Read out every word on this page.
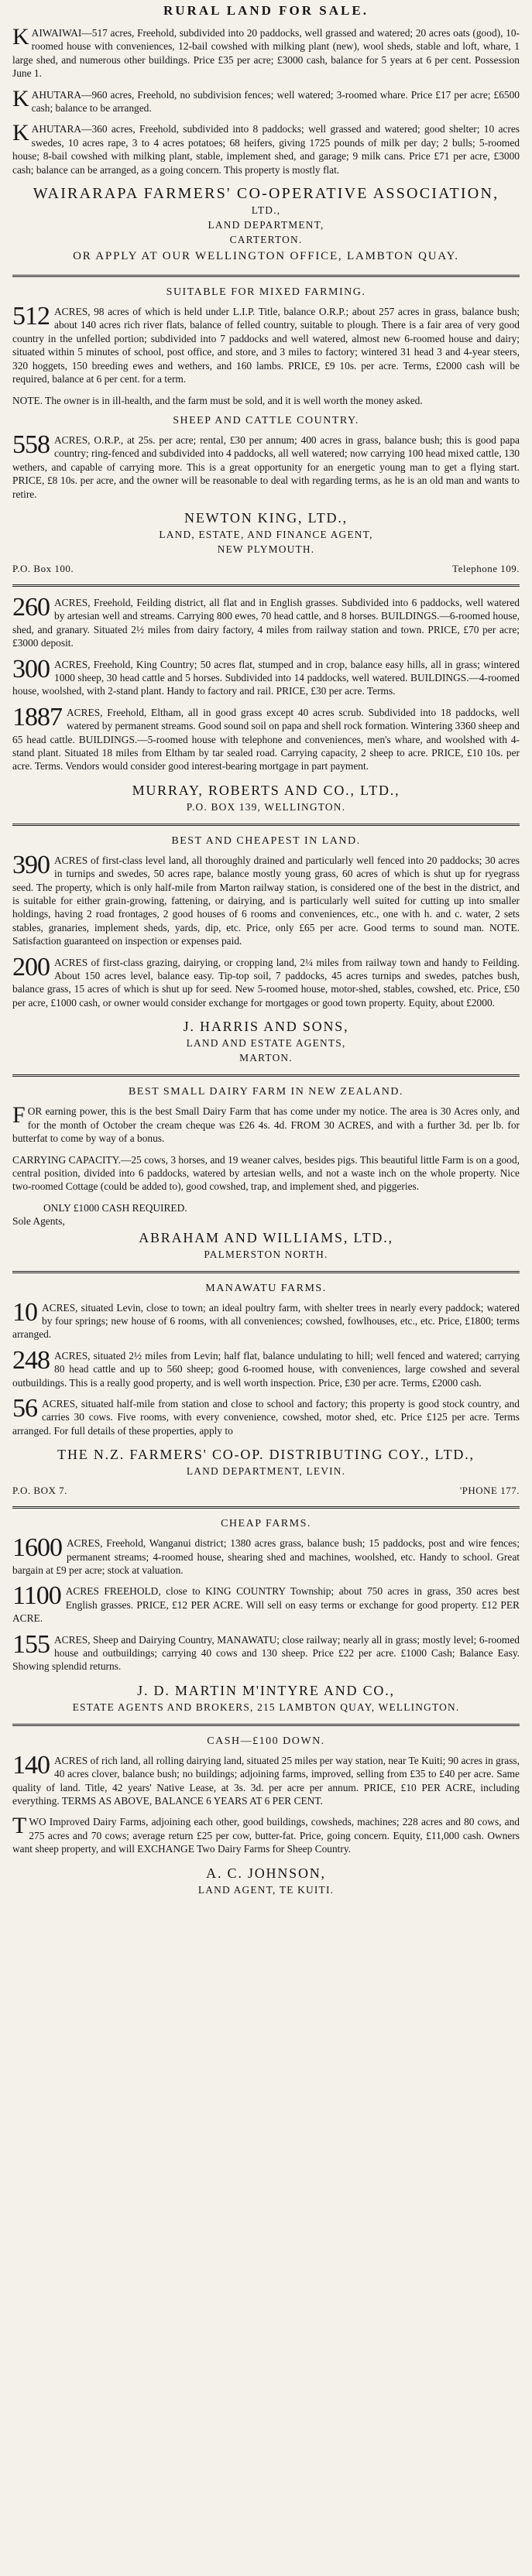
RURAL LAND FOR SALE.

KAIWAIWAI—517 acres, Freehold, subdivided into 20 paddocks, well grassed and watered; 20 acres oats (good), 10-roomed house with conveniences, 12-bail cowshed with milking plant (new), wool sheds, stable and loft, whare, 1 large shed, and numerous other buildings. Price £35 per acre; £3000 cash, balance for 5 years at 6 per cent. Possession June 1.

KAHUTARA—960 acres, Freehold, no subdivision fences; well watered; 3-roomed whare. Price £17 per acre; £6500 cash; balance to be arranged.

KAHUTARA—360 acres, Freehold, subdivided into 8 paddocks; well grassed and watered; good shelter; 10 acres swedes, 10 acres rape, 3 to 4 acres potatoes; 68 heifers, giving 1725 pounds of milk per day; 2 bulls; 5-roomed house; 8-bail cowshed with milking plant, stable, implement shed, and garage; 9 milk cans. Price £71 per acre, £3000 cash; balance can be arranged, as a going concern. This property is mostly flat.

WAIRARAPA FARMERS' CO-OPERATIVE ASSOCIATION,
LTD.,
LAND DEPARTMENT,
CARTERTON.
OR APPLY AT OUR WELLINGTON OFFICE, LAMBTON QUAY.
SUITABLE FOR MIXED FARMING.

512 ACRES, 98 acres of which is held under L.I.P. Title, balance O.R.P.; about 257 acres in grass, balance bush; about 140 acres rich river flats, balance of felled country, suitable to plough. There is a fair area of very good country in the unfelled portion; subdivided into 7 paddocks and well watered, almost new 6-roomed house and dairy; situated within 5 minutes of school, post office, and store, and 3 miles to factory; wintered 31 head 3 and 4-year steers, 320 hoggets, 150 breeding ewes and wethers, and 160 lambs. PRICE, £9 10s. per acre. Terms, £2000 cash will be required, balance at 6 per cent. for a term.

NOTE. The owner is in ill-health, and the farm must be sold, and it is well worth the money asked.

SHEEP AND CATTLE COUNTRY.

558 ACRES, O.R.P., at 25s. per acre; rental, £30 per annum; 400 acres in grass, balance bush; this is good papa country; ring-fenced and subdivided into 4 paddocks, all well watered; now carrying 100 head mixed cattle, 130 wethers, and capable of carrying more. This is a great opportunity for an energetic young man to get a flying start. PRICE, £8 10s. per acre, and the owner will be reasonable to deal with regarding terms, as he is an old man and wants to retire.

NEWTON KING, LTD.,
LAND, ESTATE, AND FINANCE AGENT,
NEW PLYMOUTH.
P.O. Box 100.	Telephone 109.

260 ACRES, Freehold, Feilding district, all flat and in English grasses. Subdivided into 6 paddocks, well watered by artesian well and streams. Carrying 800 ewes, 70 head cattle, and 8 horses. BUILDINGS.—6-roomed house, shed, and granary. Situated 2½ miles from dairy factory, 4 miles from railway station and town. PRICE, £70 per acre; £3000 deposit.

300 ACRES, Freehold, King Country; 50 acres flat, stumped and in crop, balance easy hills, all in grass; wintered 1000 sheep, 30 head cattle and 5 horses. Subdivided into 14 paddocks, well watered. BUILDINGS.—4-roomed house, woolshed, with 2-stand plant. Handy to factory and rail. PRICE, £30 per acre. Terms.

1887 ACRES, Freehold, Eltham, all in good grass except 40 acres scrub. Subdivided into 18 paddocks, well watered by permanent streams. Good sound soil on papa and shell rock formation. Wintering 3360 sheep and 65 head cattle. BUILDINGS.—5-roomed house with telephone and conveniences, men's whare, and woolshed with 4-stand plant. Situated 18 miles from Eltham by tar sealed road. Carrying capacity, 2 sheep to acre. PRICE, £10 10s. per acre. Terms. Vendors would consider good interest-bearing mortgage in part payment.

MURRAY, ROBERTS AND CO., LTD.,
P.O. BOX 139, WELLINGTON.
BEST AND CHEAPEST IN LAND.

390 ACRES of first-class level land, all thoroughly drained and particularly well fenced into 20 paddocks; 30 acres in turnips and swedes, 50 acres rape, balance mostly young grass, 60 acres of which is shut up for ryegrass seed. The property, which is only half-mile from Marton railway station, is considered one of the best in the district, and is suitable for either grain-growing, fattening, or dairying, and is particularly well suited for cutting up into smaller holdings, having 2 road frontages, 2 good houses of 6 rooms and conveniences, etc., one with h. and c. water, 2 sets stables, granaries, implement sheds, yards, dip, etc. Price, only £65 per acre. Good terms to sound man. NOTE. Satisfaction guaranteed on inspection or expenses paid.

200 ACRES of first-class grazing, dairying, or cropping land, 2¼ miles from railway town and handy to Feilding. About 150 acres level, balance easy. Tip-top soil, 7 paddocks, 45 acres turnips and swedes, patches bush, balance grass, 15 acres of which is shut up for seed. New 5-roomed house, motor-shed, stables, cowshed, etc. Price, £50 per acre, £1000 cash, or owner would consider exchange for mortgages or good town property. Equity, about £2000.

J. HARRIS AND SONS,
LAND AND ESTATE AGENTS,
MARTON.
BEST SMALL DAIRY FARM IN NEW ZEALAND.

FOR earning power, this is the best Small Dairy Farm that has come under my notice. The area is 30 Acres only, and for the month of October the cream cheque was £26 4s. 4d. FROM 30 ACRES, and with a further 3d. per lb. for butterfat to come by way of a bonus.

CARRYING CAPACITY.—25 cows, 3 horses, and 19 weaner calves, besides pigs. This beautiful little Farm is on a good, central position, divided into 6 paddocks, watered by artesian wells, and not a waste inch on the whole property. Nice two-roomed Cottage (could be added to), good cowshed, trap, and implement shed, and piggeries.

ONLY £1000 CASH REQUIRED.

Sole Agents,

ABRAHAM AND WILLIAMS, LTD.,
PALMERSTON NORTH.
MANAWATU FARMS.

10 ACRES, situated Levin, close to town; an ideal poultry farm, with shelter trees in nearly every paddock; watered by four springs; new house of 6 rooms, with all conveniences; cowshed, fowlhouses, etc., etc. Price, £1800; terms arranged.

248 ACRES, situated 2½ miles from Levin; half flat, balance undulating to hill; well fenced and watered; carrying 80 head cattle and up to 560 sheep; good 6-roomed house, with conveniences, large cowshed and several outbuildings. This is a really good property, and is well worth inspection. Price, £30 per acre. Terms, £2000 cash.

56 ACRES, situated half-mile from station and close to school and factory; this property is good stock country, and carries 30 cows. Five rooms, with every convenience, cowshed, motor shed, etc. Price £125 per acre. Terms arranged. For full details of these properties, apply to

THE N.Z. FARMERS' CO-OP. DISTRIBUTING COY., LTD.,
LAND DEPARTMENT, LEVIN.
P.O. BOX 7.	'PHONE 177.
CHEAP FARMS.

1600 ACRES, Freehold, Wanganui district; 1380 acres grass, balance bush; 15 paddocks, post and wire fences; permanent streams; 4-roomed house, shearing shed and machines, woolshed, etc. Handy to school. Great bargain at £9 per acre; stock at valuation.

1100 ACRES FREEHOLD, close to KING COUNTRY Township; about 750 acres in grass, 350 acres best English grasses. PRICE, £12 PER ACRE. Will sell on easy terms or exchange for good property. £12 PER ACRE.

155 ACRES, Sheep and Dairying Country, MANAWATU; close railway; nearly all in grass; mostly level; 6-roomed house and outbuildings; carrying 40 cows and 130 sheep. Price £22 per acre. £1000 Cash; Balance Easy. Showing splendid returns.

J. D. MARTIN M'INTYRE AND CO.,
ESTATE AGENTS AND BROKERS, 215 LAMBTON QUAY, WELLINGTON.
CASH—£100 DOWN.

140 ACRES of rich land, all rolling dairying land, situated 25 miles per way station, near Te Kuiti; 90 acres in grass, 40 acres clover, balance bush; no buildings; adjoining farms, improved, selling from £35 to £40 per acre. Same quality of land. Title, 42 years' Native Lease, at 3s. 3d. per acre per annum. PRICE, £10 PER ACRE, including everything. TERMS AS ABOVE, BALANCE 6 YEARS AT 6 PER CENT.

TWO Improved Dairy Farms, adjoining each other, good buildings, cowsheds, machines; 228 acres and 80 cows, and 275 acres and 70 cows; average return £25 per cow, butter-fat. Price, going concern. Equity, £11,000 cash. Owners want sheep property, and will EXCHANGE Two Dairy Farms for Sheep Country.

A. C. JOHNSON,
LAND AGENT, TE KUITI.
